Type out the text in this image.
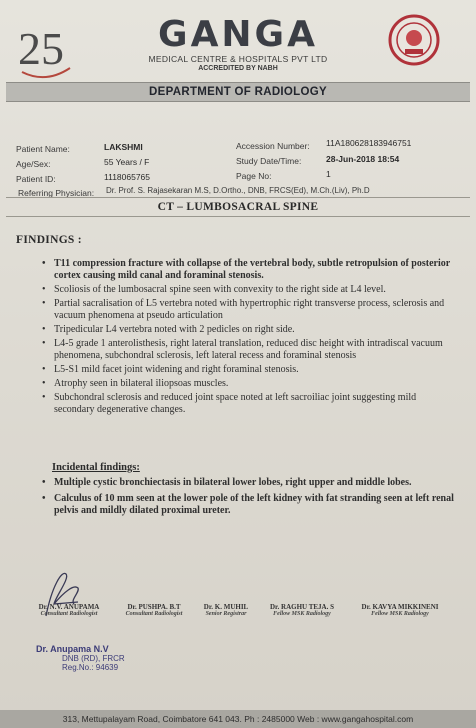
25	GANGA
MEDICAL CENTRE & HOSPITALS PVT LTD
ACCREDITED BY NABH
DEPARTMENT OF RADIOLOGY
Patient Name:	LAKSHMI
Age/Sex:	55 Years / F
Patient ID:	1118065765
Accession Number: 11A180628183946751
Study Date/Time:	28-Jun-2018 18:54
Page No:	1
Referring Physician: Dr. Prof. S. Rajasekaran M.S, D.Ortho., DNB, FRCS(Ed), M.Ch.(Liv), Ph.D
CT – LUMBOSACRAL SPINE
FINDINGS :
• T11 compression fracture with collapse of the vertebral body, subtle retropulsion of posterior cortex causing mild canal and foraminal stenosis.
• Scoliosis of the lumbosacral spine seen with convexity to the right side at L4 level.
• Partial sacralisation of L5 vertebra noted with hypertrophic right transverse process, sclerosis and vacuum phenomena at pseudo articulation
• Tripedicular L4 vertebra noted with 2 pedicles on right side.
• L4-5 grade 1 anterolisthesis, right lateral translation, reduced disc height with intradiscal vacuum phenomena, subchondral sclerosis, left lateral recess and foraminal stenosis
• L5-S1 mild facet joint widening and right foraminal stenosis.
• Atrophy seen in bilateral iliopsoas muscles.
• Subchondral sclerosis and reduced joint space noted at left sacroiliac joint suggesting mild secondary degenerative changes.
Incidental findings:
• Multiple cystic bronchiectasis in bilateral lower lobes, right upper and middle lobes.
• Calculus of 10 mm seen at the lower pole of the left kidney with fat stranding seen at left renal pelvis and mildly dilated proximal ureter.
Dr. N.V. ANUPAMA
Consultant Radiologist
Dr. PUSHPA. B.T
Consultant Radiologist
Dr. K. MUHIL
Senior Registrar
Dr. RAGHU TEJA. S
Fellow MSK Radiology
Dr. KAVYA MIKKINENI
Fellow MSK Radiology
Dr. Anupama N.V
DNB (RD), FRCR
Reg.No.: 94639
313, Mettupalayam Road, Coimbatore 641 043. Ph : 2485000 Web : www.gangahospital.com
